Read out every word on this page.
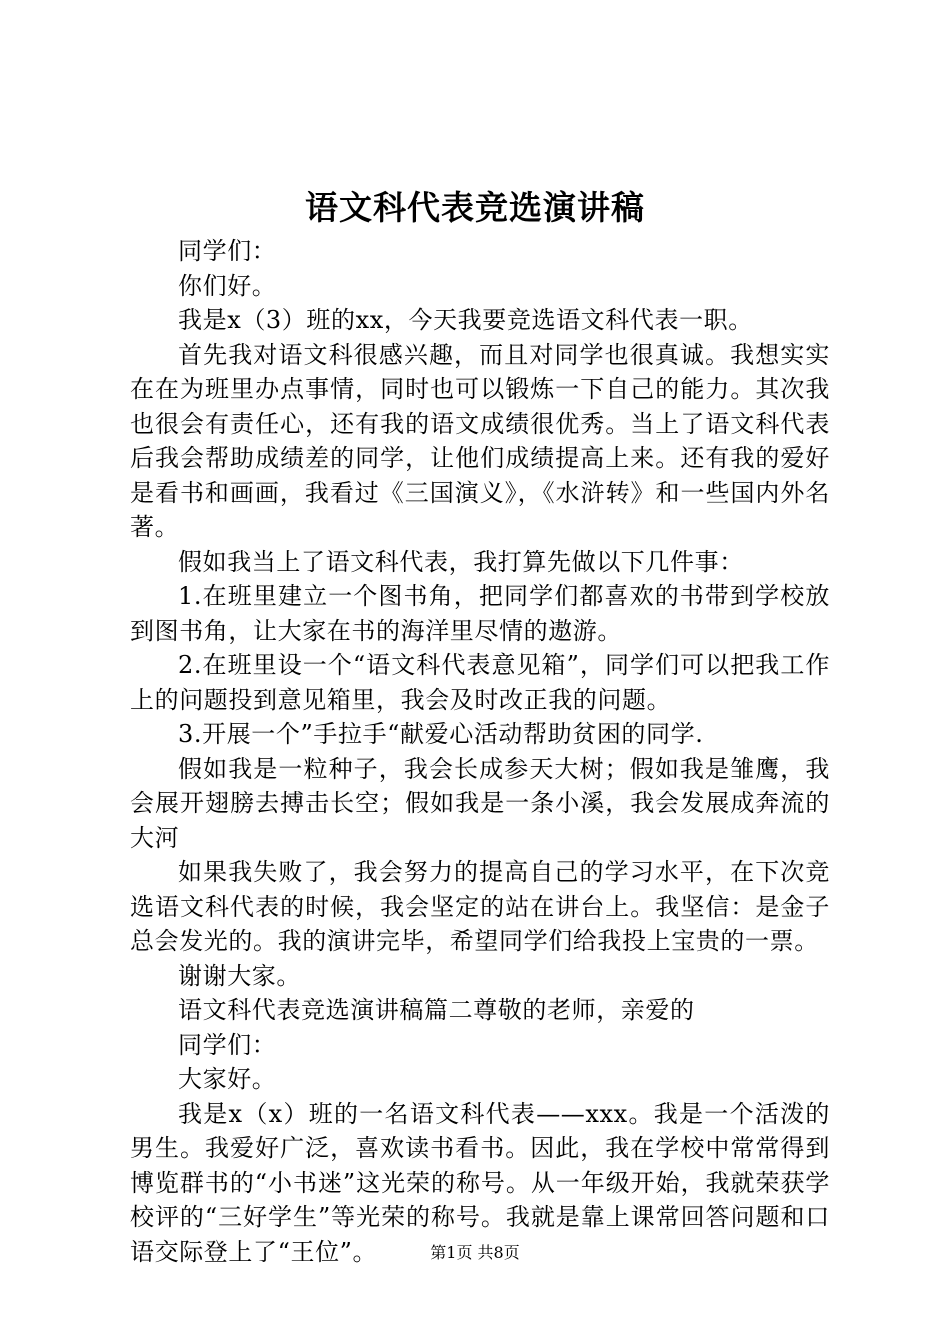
语文科代表竞选演讲稿

同学们：

你们好。

我是x（3）班的xx，今天我要竞选语文科代表一职。

首先我对语文科很感兴趣，而且对同学也很真诚。我想实实在在为班里办点事情，同时也可以锻炼一下自己的能力。其次我也很会有责任心，还有我的语文成绩很优秀。当上了语文科代表后我会帮助成绩差的同学，让他们成绩提高上来。还有我的爱好是看书和画画，我看过《三国演义》，《水浒转》和一些国内外名著。

假如我当上了语文科代表，我打算先做以下几件事：

1.在班里建立一个图书角，把同学们都喜欢的书带到学校放到图书角，让大家在书的海洋里尽情的遨游。

2.在班里设一个“语文科代表意见箱”，同学们可以把我工作上的问题投到意见箱里，我会及时改正我的问题。

3.开展一个”手拉手“献爱心活动帮助贫困的同学.

假如我是一粒种子，我会长成参天大树；假如我是雏鹰，我会展开翅膀去搏击长空；假如我是一条小溪，我会发展成奔流的大河

如果我失败了，我会努力的提高自己的学习水平，在下次竞选语文科代表的时候，我会坚定的站在讲台上。我坚信：是金子总会发光的。我的演讲完毕，希望同学们给我投上宝贵的一票。

谢谢大家。

语文科代表竞选演讲稿篇二尊敬的老师，亲爱的

同学们：

大家好。

我是x（x）班的一名语文科代表——xxx。我是一个活泼的男生。我爱好广泛，喜欢读书看书。因此，我在学校中常常得到博览群书的“小书迷”这光荣的称号。从一年级开始，我就荣获学校评的“三好学生”等光荣的称号。我就是靠上课常回答问题和口语交际登上了“王位”。	第1页 共8页
